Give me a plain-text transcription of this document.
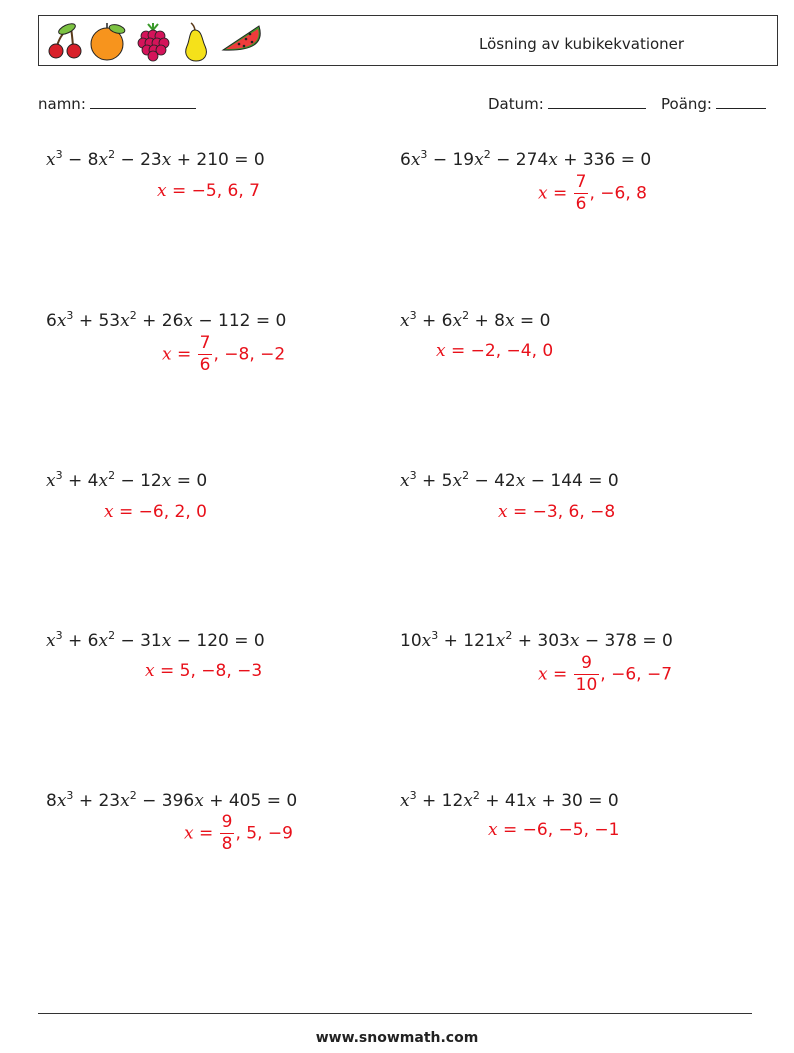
Lösning av kubikekvationer
namn:	Datum:	Poäng:
$x^3 - 8x^2 - 23x + 210 = 0$
x = −5, 6, 7
$6x^3 - 19x^2 - 274x + 336 = 0$
$x = \frac{7}{6}$ , −6, 8
$6x^3 + 53x^2 + 26x - 112 = 0$
$x = \frac{7}{6}$ , −8, −2
$x^3 + 6x^2 + 8x = 0$
x = −2, −4, 0
$x^3 + 4x^2 - 12x = 0$
x = −6, 2, 0
$x^3 + 5x^2 - 42x - 144 = 0$
x = −3, 6, −8
$x^3 + 6x^2 - 31x - 120 = 0$
x = 5, −8, −3
$10x^3 + 121x^2 + 303x - 378 = 0$
$x = \frac{9}{10}$ , −6, −7
$8x^3 + 23x^2 - 396x + 405 = 0$
$x = \frac{9}{8}$ , 5, −9
$x^3 + 12x^2 + 41x + 30 = 0$
x = −6, −5, −1
www.snowmath.com
